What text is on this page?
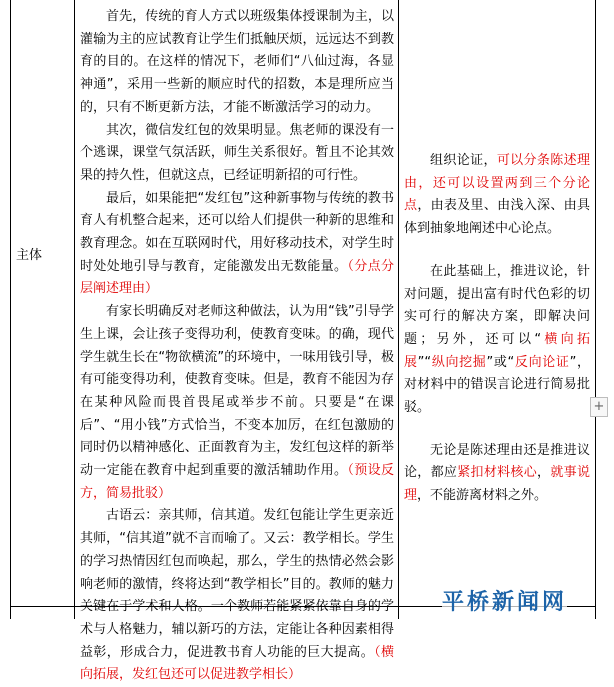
主体

首先，传统的育人方式以班级集体授课制为主，以灌输为主的应试教育让学生们抵触厌烦，远远达不到教育的目的。在这样的情况下，老师们“八仙过海，各显神通”，采用一些新的顺应时代的招数，本是理所应当的，只有不断更新方法，才能不断激活学习的动力。

其次，微信发红包的效果明显。焦老师的课没有一个逃课，课堂气氛活跃，师生关系很好。暂且不论其效果的持久性，但就这点，已经证明新招的可行性。

最后，如果能把“发红包”这种新事物与传统的教书育人有机整合起来，还可以给人们提供一种新的思维和教育理念。如在互联网时代，用好移动技术，对学生时时处处地引导与教育，定能激发出无数能量。（分点分层阐述理由）

有家长明确反对老师这种做法，认为用“钱”引导学生上课，会让孩子变得功利，使教育变味。的确，现代学生就生长在“物欲横流”的环境中，一味用钱引导，极有可能变得功利，使教育变味。但是，教育不能因为存在某种风险而畏首畏尾或举步不前。只要是“在课后”、“用小钱”方式恰当，不变本加厉，在红包激励的同时仍以精神感化、正面教育为主，发红包这样的新举动一定能在教育中起到重要的激活辅助作用。（预设反方，简易批驳）

古语云：亲其师，信其道。发红包能让学生更亲近其师，“信其道”就不言而喻了。又云：教学相长。学生的学习热情因红包而唤起，那么，学生的热情必然会影响老师的激情，终将达到“教学相长”目的。教师的魅力关键在于学术和人格。一个教师若能紧紧依靠自身的学术与人格魅力，辅以新巧的方法，定能让各种因素相得益彰，形成合力，促进教书育人功能的巨大提高。（横向拓展，发红包还可以促进教学相长）

组织论证，可以分条陈述理由，还可以设置两到三个分论点，由表及里、由浅入深、由具体到抽象地阐述中心论点。

在此基础上，推进议论，针对问题，提出富有时代色彩的切实可行的解决方案，即解决问题；另外，还可以“横向拓展”“纵向挖掘”或“反向论证”，对材料中的错误言论进行简易批驳。

无论是陈述理由还是推进议论，都应紧扣材料核心，就事说理，不能游离材料之外。

+
平桥新闻网
